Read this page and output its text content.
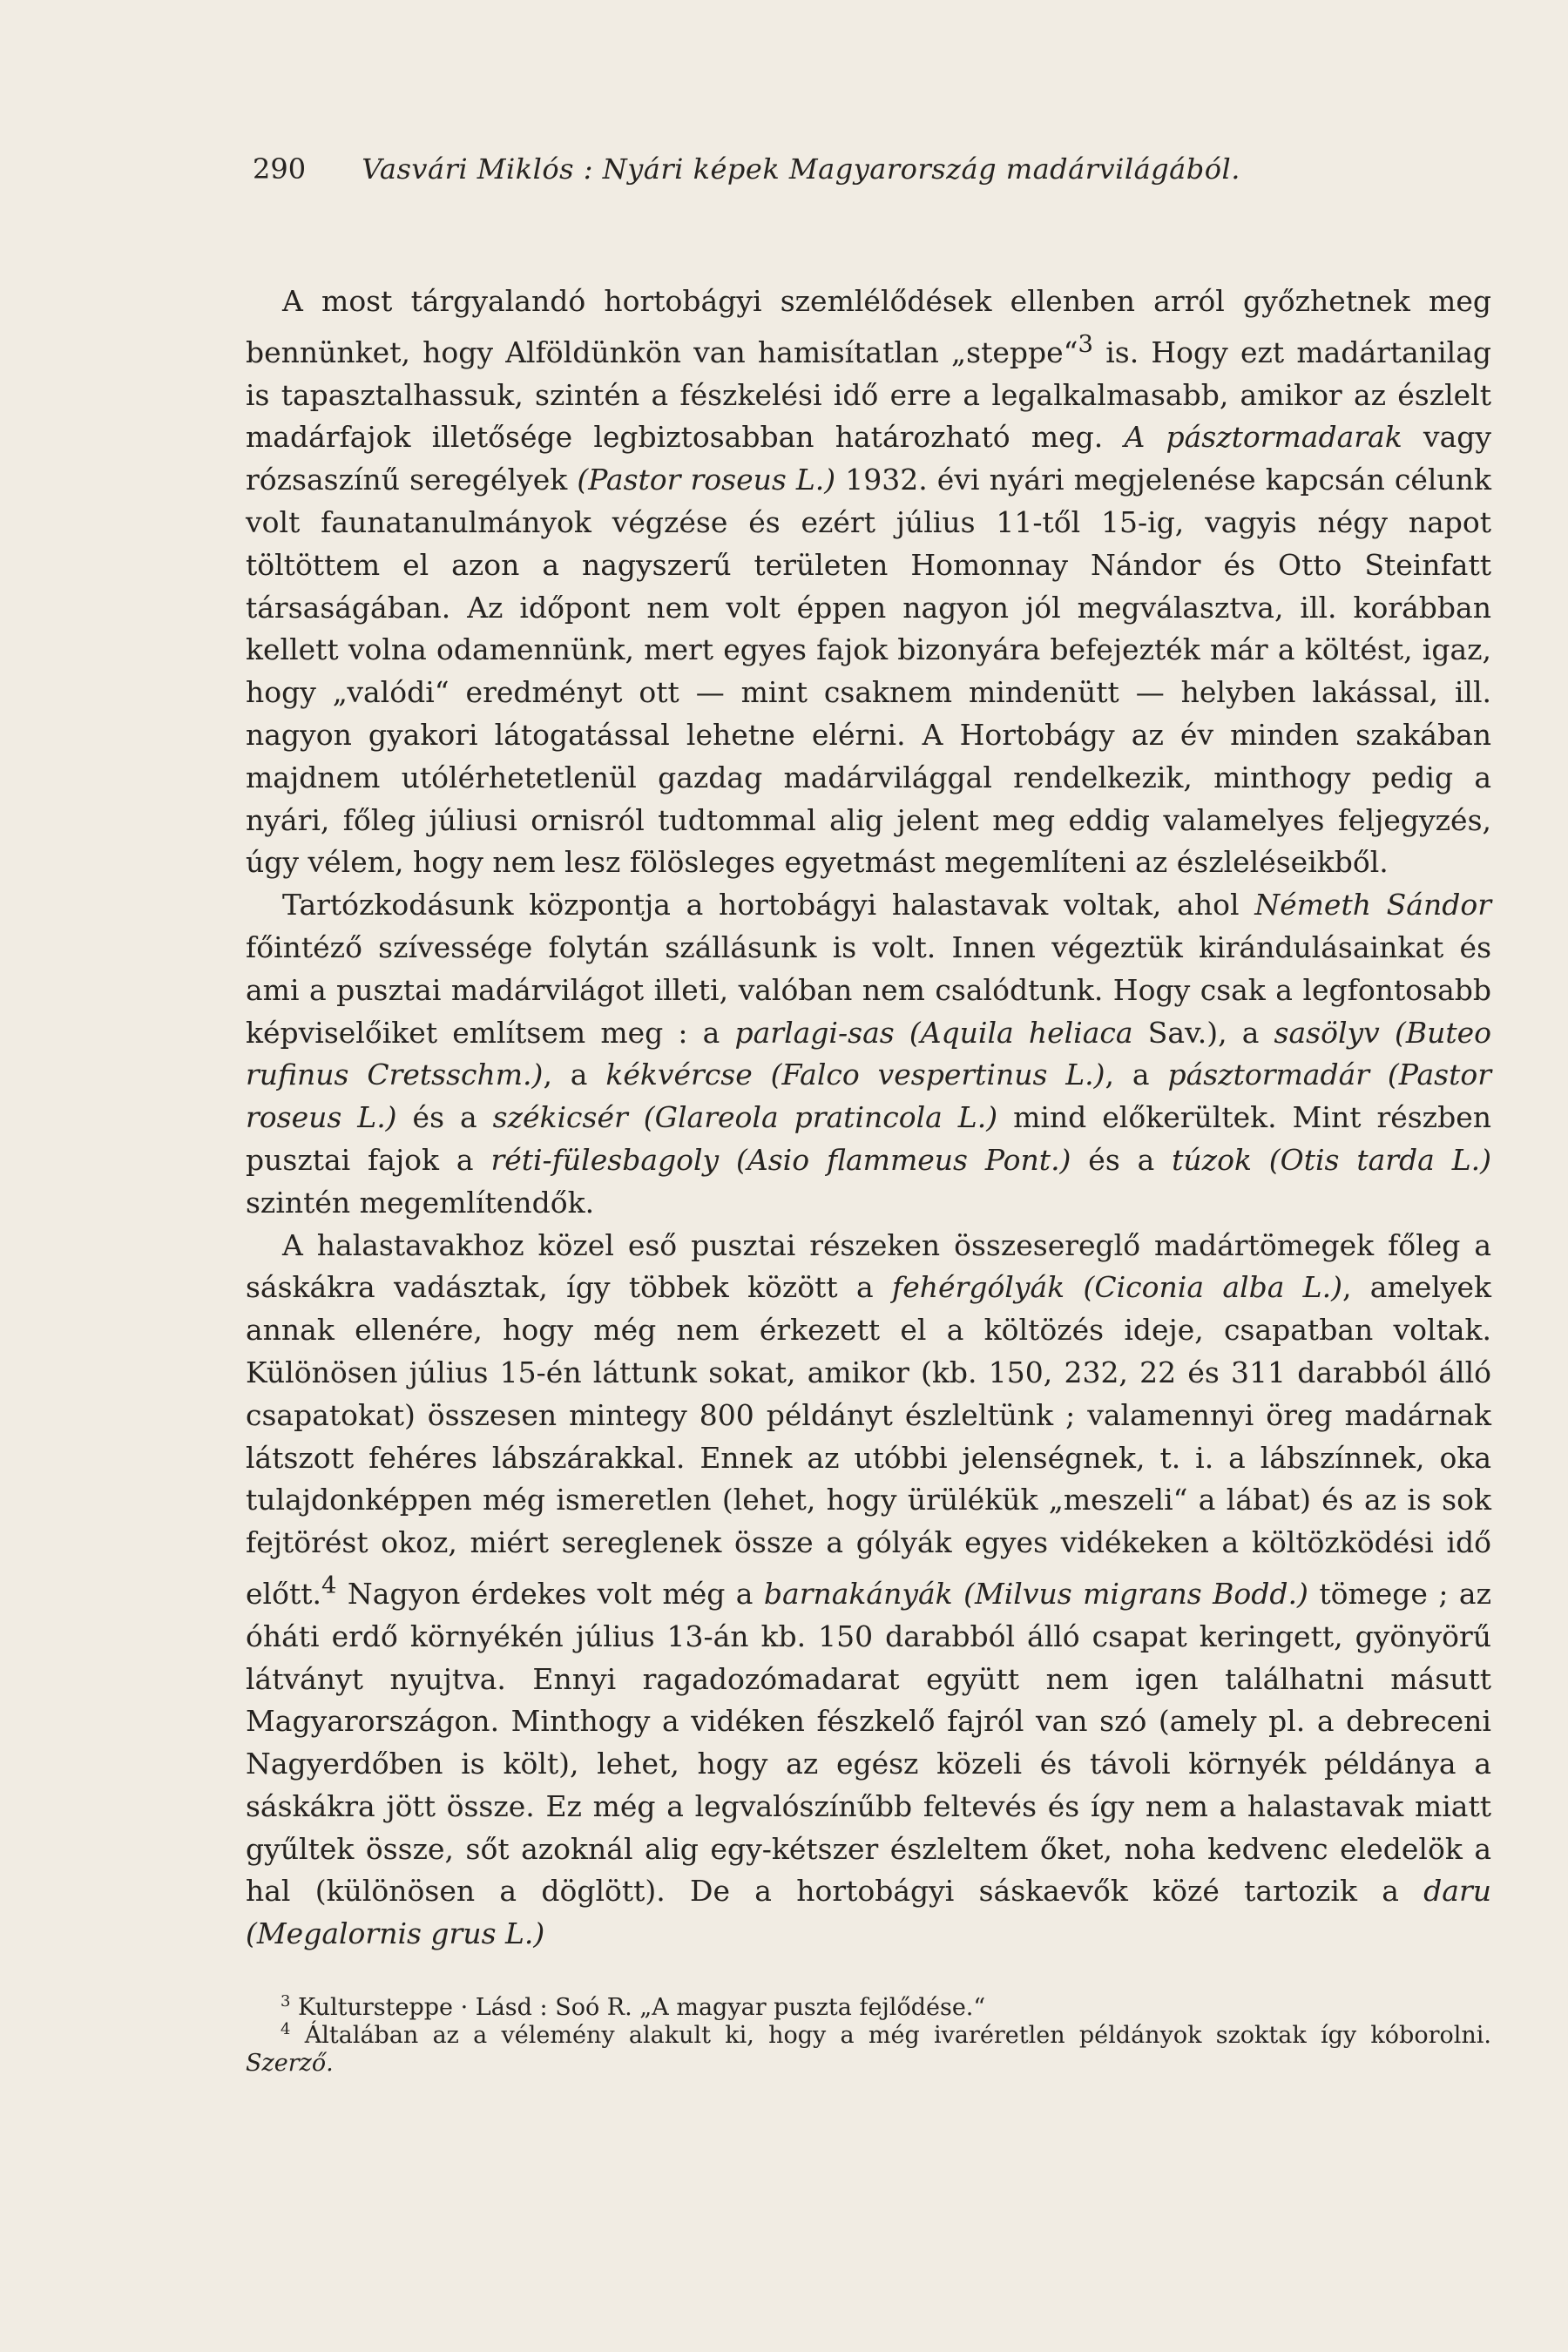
290 Vasvári Miklós : Nyári képek Magyarország madárvilágából.

A most tárgyalandó hortobágyi szemlélődések ellenben arról győzhetnek meg bennünket, hogy Alföldünkön van hamisítatlan „steppe“$^3$ is. Hogy ezt madártanilag is tapasztalhassuk, szintén a fészkelési idő erre a legalkalmasabb, amikor az észlelt madárfajok illetősége legbiztosabban határozható meg. A pásztormadarak vagy rózsaszínű seregélyek (Pastor roseus L.) 1932. évi nyári megjelenése kapcsán célunk volt faunatanulmányok végzése és ezért július 11-től 15-ig, vagyis négy napot töltöttem el azon a nagyszerű területen Homonnay Nándor és Otto Steinfatt társaságában. Az időpont nem volt éppen nagyon jól megválasztva, ill. korábban kellett volna odamennünk, mert egyes fajok bizonyára befejezték már a költést, igaz, hogy „valódi“ eredményt ott — mint csaknem mindenütt — helyben lakással, ill. nagyon gyakori látogatással lehetne elérni. A Hortobágy az év minden szakában majdnem utólérhetetlenül gazdag madárvilággal rendelkezik, minthogy pedig a nyári, főleg júliusi ornisról tudtommal alig jelent meg eddig valamelyes feljegyzés, úgy vélem, hogy nem lesz fölösleges egyetmást megemlíteni az észleléseikből.

Tartózkodásunk központja a hortobágyi halastavak voltak, ahol Németh Sándor főintéző szívessége folytán szállásunk is volt. Innen végeztük kirándulásainkat és ami a pusztai madárvilágot illeti, valóban nem csalódtunk. Hogy csak a legfontosabb képviselőiket említsem meg : a parlagi-sas (Aquila heliaca Sav.), a sasölyv (Buteo rufinus Cretsschm.), a kékvércse (Falco vespertinus L.), a pásztormadár (Pastor roseus L.) és a székicsér (Glareola pratincola L.) mind előkerültek. Mint részben pusztai fajok a réti-fülesbagoly (Asio flammeus Pont.) és a túzok (Otis tarda L.) szintén megemlítendők.

A halastavakhoz közel eső pusztai részeken összesereglő madártömegek főleg a sáskákra vadásztak, így többek között a fehérgólyák (Ciconia alba L.), amelyek annak ellenére, hogy még nem érkezett el a költözés ideje, csapatban voltak. Különösen július 15-én láttunk sokat, amikor (kb. 150, 232, 22 és 311 darabból álló csapatokat) összesen mintegy 800 példányt észleltünk ; valamennyi öreg madárnak látszott fehéres lábszárakkal. Ennek az utóbbi jelenségnek, t. i. a lábszínnek, oka tulajdonképpen még ismeretlen (lehet, hogy ürülékük „meszeli“ a lábat) és az is sok fejtörést okoz, miért sereglenek össze a gólyák egyes vidékeken a költözködési idő előtt.$^4$ Nagyon érdekes volt még a barnakányák (Milvus migrans Bodd.) tömege ; az óháti erdő környékén július 13-án kb. 150 darabból álló csapat keringett, gyönyörű látványt nyujtva. Ennyi ragadozómadarat együtt nem igen találhatni másutt Magyarországon. Minthogy a vidéken fészkelő fajról van szó (amely pl. a debreceni Nagyerdőben is költ), lehet, hogy az egész közeli és távoli környék példánya a sáskákra jött össze. Ez még a legvalószínűbb feltevés és így nem a halastavak miatt gyűltek össze, sőt azoknál alig egy-kétszer észleltem őket, noha kedvenc eledelök a hal (különösen a döglött). De a hortobágyi sáskaevők közé tartozik a daru (Megalornis grus L.)

$^3$ Kultursteppe · Lásd : Soó R. „A magyar puszta fejlődése.“

$^4$ Általában az a vélemény alakult ki, hogy a még ivaréretlen példányok szoktak így kóborolni. Szerző.
